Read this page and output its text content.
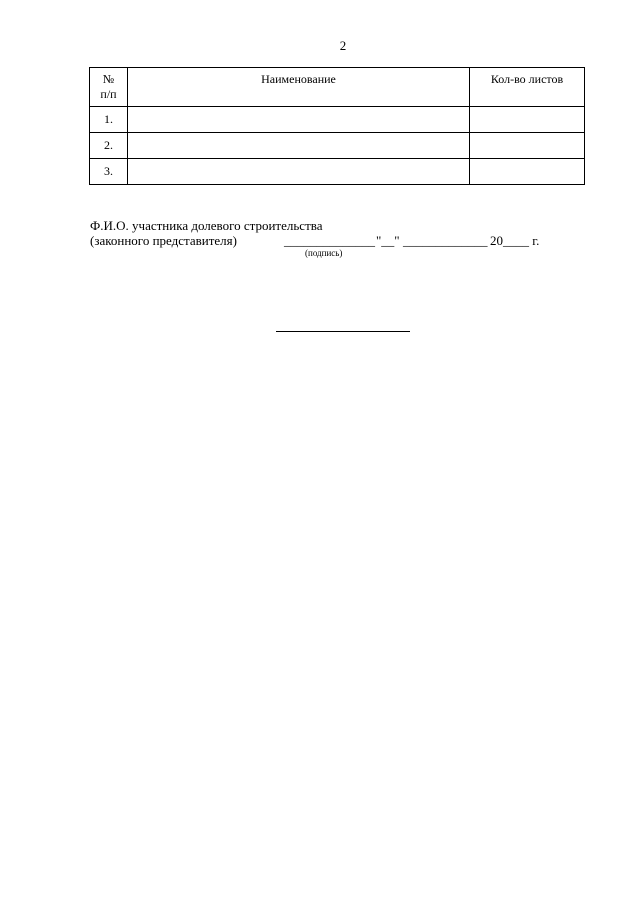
2
№
п/п	Наименование	Кол-во листов
1.		
2.		
3.		
Ф.И.О. участника долевого строительства
(законного представителя)	______________ "__" _____________ 20____ г.
(подпись)
